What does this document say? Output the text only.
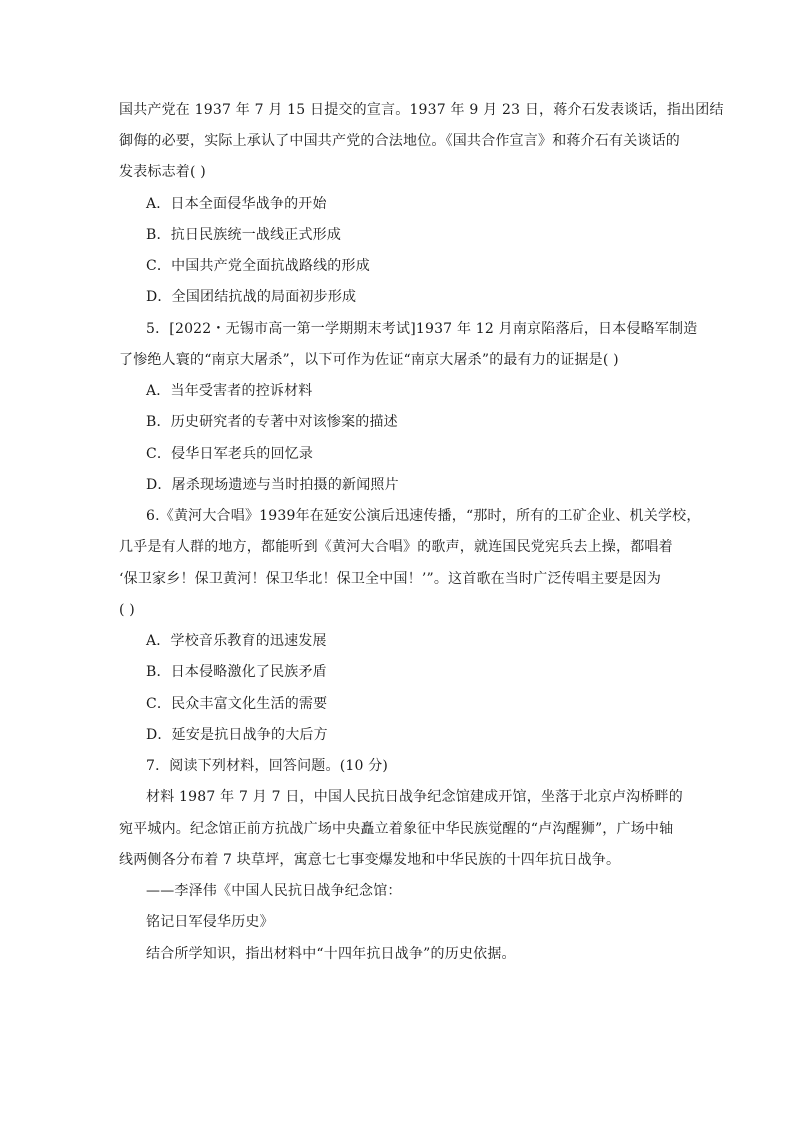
国共产党在 1937 年 7 月 15 日提交的宣言。1937 年 9 月 23 日，蒋介石发表谈话，指出团结
御侮的必要，实际上承认了中国共产党的合法地位。《国共合作宣言》和蒋介石有关谈话的
发表标志着( )
A．日本全面侵华战争的开始
B．抗日民族统一战线正式形成
C．中国共产党全面抗战路线的形成
D．全国团结抗战的局面初步形成
5．[2022・无锡市高一第一学期期末考试]1937 年 12 月南京陷落后，日本侵略军制造
了惨绝人寰的“南京大屠杀”，以下可作为佐证“南京大屠杀”的最有力的证据是( )
A．当年受害者的控诉材料
B．历史研究者的专著中对该惨案的描述
C．侵华日军老兵的回忆录
D．屠杀现场遗迹与当时拍摄的新闻照片
6.《黄河大合唱》1939年在延安公演后迅速传播，“那时，所有的工矿企业、机关学校，
几乎是有人群的地方，都能听到《黄河大合唱》的歌声，就连国民党宪兵去上操，都唱着
‘保卫家乡！保卫黄河！保卫华北！保卫全中国！’”。这首歌在当时广泛传唱主要是因为
( )
A．学校音乐教育的迅速发展
B．日本侵略激化了民族矛盾
C．民众丰富文化生活的需要
D．延安是抗日战争的大后方
7．阅读下列材料，回答问题。(10 分)
材料 1987 年 7 月 7 日，中国人民抗日战争纪念馆建成开馆，坐落于北京卢沟桥畔的
宛平城内。纪念馆正前方抗战广场中央矗立着象征中华民族觉醒的“卢沟醒狮”，广场中轴
线两侧各分布着 7 块草坪，寓意七七事变爆发地和中华民族的十四年抗日战争。
——李泽伟《中国人民抗日战争纪念馆：
铭记日军侵华历史》
结合所学知识，指出材料中“十四年抗日战争”的历史依据。
